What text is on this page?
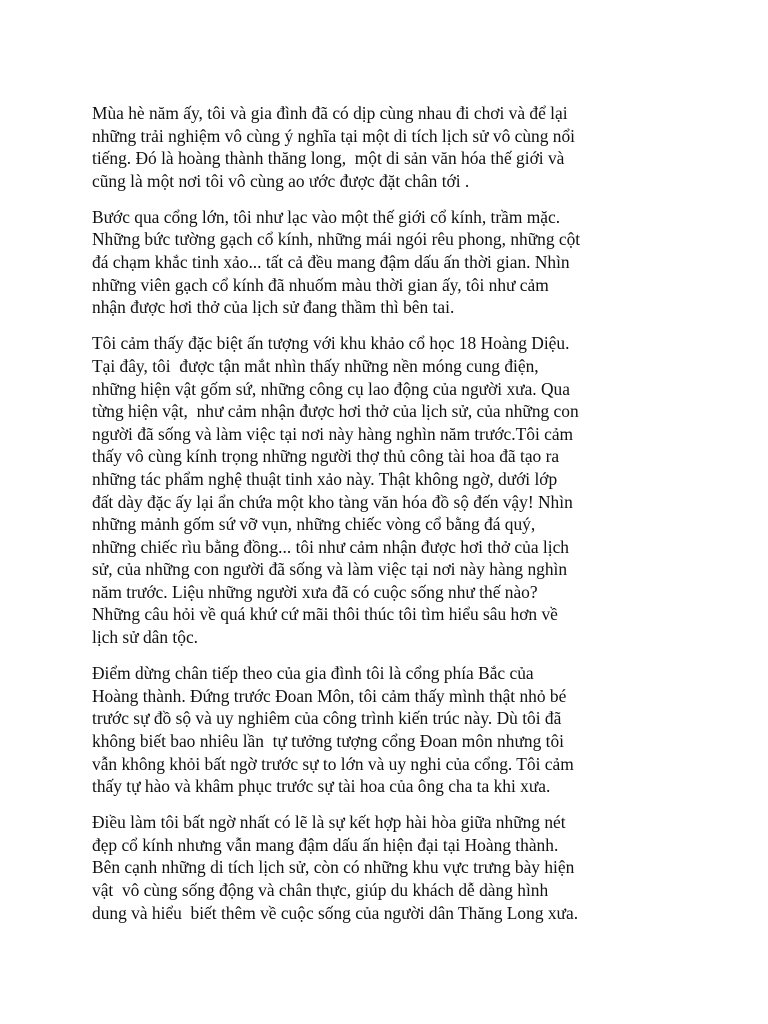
Mùa hè năm ấy, tôi và gia đình đã có dịp cùng nhau đi chơi và để lại
những trải nghiệm vô cùng ý nghĩa tại một di tích lịch sử vô cùng nổi
tiếng. Đó là hoàng thành thăng long,  một di sản văn hóa thế giới và
cũng là một nơi tôi vô cùng ao ước được đặt chân tới .

Bước qua cổng lớn, tôi như lạc vào một thế giới cổ kính, trầm mặc.
Những bức tường gạch cổ kính, những mái ngói rêu phong, những cột
đá chạm khắc tinh xảo... tất cả đều mang đậm dấu ấn thời gian. Nhìn
những viên gạch cổ kính đã nhuốm màu thời gian ấy, tôi như cảm
nhận được hơi thở của lịch sử đang thầm thì bên tai.

Tôi cảm thấy đặc biệt ấn tượng với khu khảo cổ học 18 Hoàng Diệu.
Tại đây, tôi  được tận mắt nhìn thấy những nền móng cung điện,
những hiện vật gốm sứ, những công cụ lao động của người xưa. Qua
từng hiện vật,  như cảm nhận được hơi thở của lịch sử, của những con
người đã sống và làm việc tại nơi này hàng nghìn năm trước.Tôi cảm
thấy vô cùng kính trọng những người thợ thủ công tài hoa đã tạo ra
những tác phẩm nghệ thuật tinh xảo này. Thật không ngờ, dưới lớp
đất dày đặc ấy lại ẩn chứa một kho tàng văn hóa đồ sộ đến vậy! Nhìn
những mảnh gốm sứ vỡ vụn, những chiếc vòng cổ bằng đá quý,
những chiếc rìu bằng đồng... tôi như cảm nhận được hơi thở của lịch
sử, của những con người đã sống và làm việc tại nơi này hàng nghìn
năm trước. Liệu những người xưa đã có cuộc sống như thế nào?
Những câu hỏi về quá khứ cứ mãi thôi thúc tôi tìm hiểu sâu hơn về
lịch sử dân tộc.

Điểm dừng chân tiếp theo của gia đình tôi là cổng phía Bắc của
Hoàng thành. Đứng trước Đoan Môn, tôi cảm thấy mình thật nhỏ bé
trước sự đồ sộ và uy nghiêm của công trình kiến trúc này. Dù tôi đã
không biết bao nhiêu lần  tự tưởng tượng cổng Đoan môn nhưng tôi
vẫn không khỏi bất ngờ trước sự to lớn và uy nghi của cổng. Tôi cảm
thấy tự hào và khâm phục trước sự tài hoa của ông cha ta khi xưa.

Điều làm tôi bất ngờ nhất có lẽ là sự kết hợp hài hòa giữa những nét
đẹp cổ kính nhưng vẫn mang đậm dấu ấn hiện đại tại Hoàng thành.
Bên cạnh những di tích lịch sử, còn có những khu vực trưng bày hiện
vật  vô cùng sống động và chân thực, giúp du khách dễ dàng hình
dung và hiểu  biết thêm về cuộc sống của người dân Thăng Long xưa.
